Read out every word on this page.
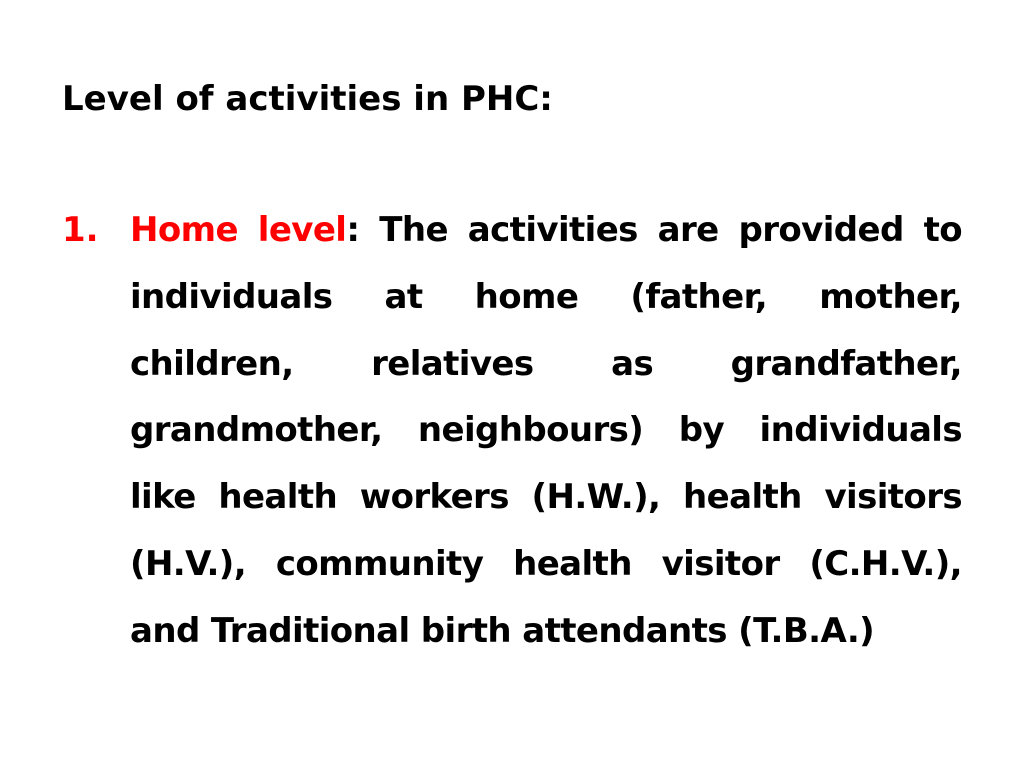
Level of activities in PHC:
1. Home level: The activities are provided to individuals at home (father, mother, children, relatives as grandfather, grandmother, neighbours) by individuals like health workers (H.W.), health visitors (H.V.), community health visitor (C.H.V.), and Traditional birth attendants (T.B.A.)
